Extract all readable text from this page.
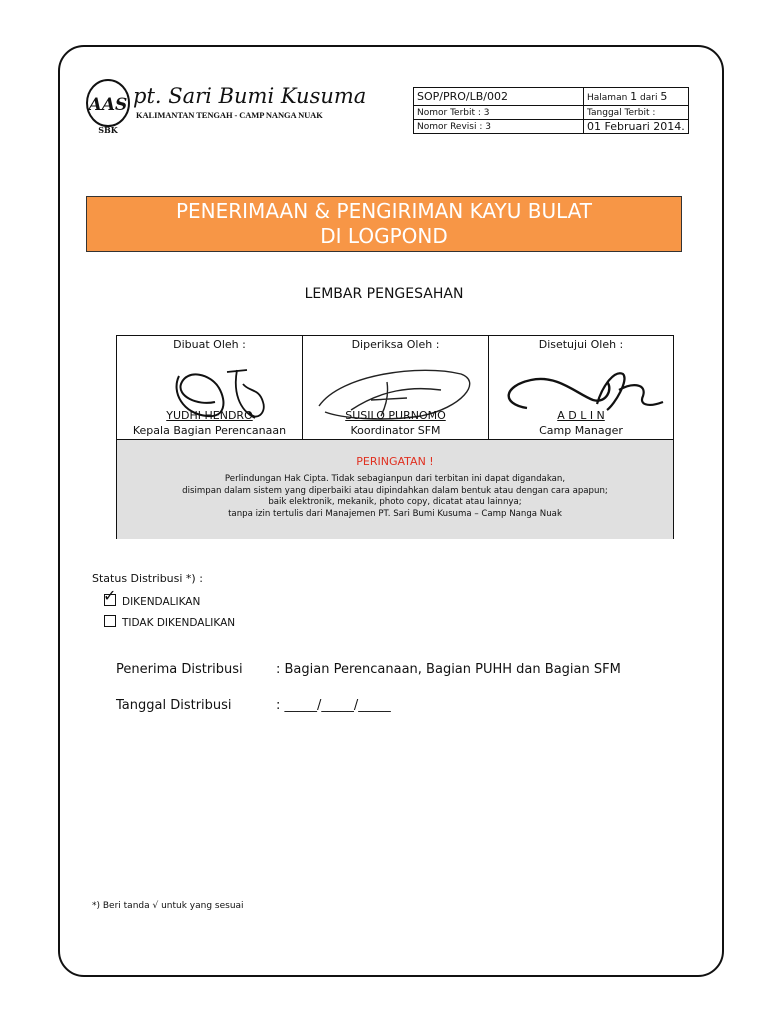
AAS
SBK
pt. Sari Bumi Kusuma
KALIMANTAN TENGAH - CAMP NANGA NUAK
SOP/PRO/LB/002	Halaman 1 dari 5
Nomor Terbit : 3	Tanggal Terbit :
Nomor Revisi : 3	01 Februari 2014.
PENERIMAAN & PENGIRIMAN KAYU BULAT
DI LOGPOND
LEMBAR PENGESAHAN
Dibuat Oleh :
YUDHI HENDRO
Kepala Bagian Perencanaan
Diperiksa Oleh :
SUSILO PURNOMO
Koordinator SFM
Disetujui Oleh :
A D L I N
Camp Manager
PERINGATAN !
Perlindungan Hak Cipta. Tidak sebagianpun dari terbitan ini dapat digandakan,
disimpan dalam sistem yang diperbaiki atau dipindahkan dalam bentuk atau dengan cara apapun;
baik elektronik, mekanik, photo copy, dicatat atau lainnya;
tanpa izin tertulis dari Manajemen PT. Sari Bumi Kusuma – Camp Nanga Nuak
Status Distribusi *) :
✓ DIKENDALIKAN
TIDAK DIKENDALIKAN
Penerima Distribusi	: Bagian Perencanaan, Bagian PUHH dan Bagian SFM
Tanggal Distribusi	: _____/_____/_____
*) Beri tanda √ untuk yang sesuai
